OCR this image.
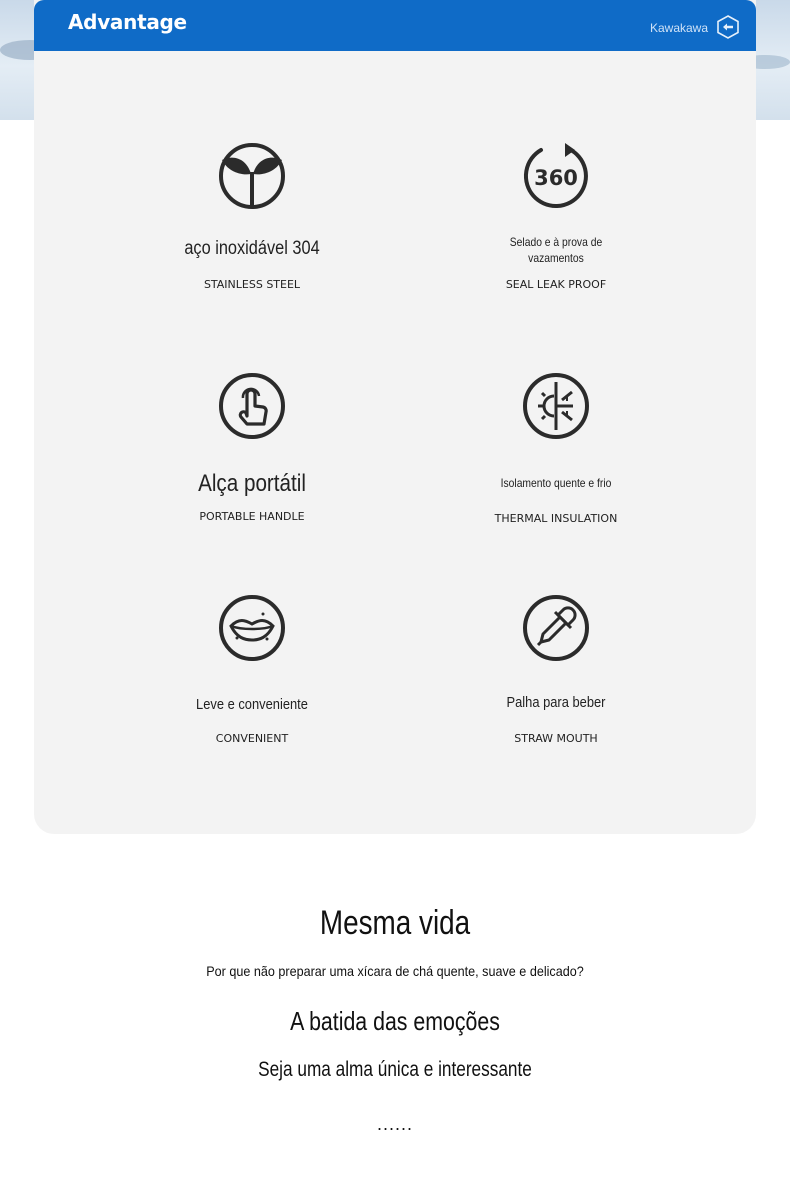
Advantage	Kawakawa
aço inoxidável 304
STAINLESS STEEL
360
Selado e à prova de vazamentos
SEAL LEAK PROOF
Alça portátil
PORTABLE HANDLE
Isolamento quente e frio
THERMAL INSULATION
Leve e conveniente
CONVENIENT
Palha para beber
STRAW MOUTH
Mesma vida
Por que não preparar uma xícara de chá quente, suave e delicado?
A batida das emoções
Seja uma alma única e interessante
......
